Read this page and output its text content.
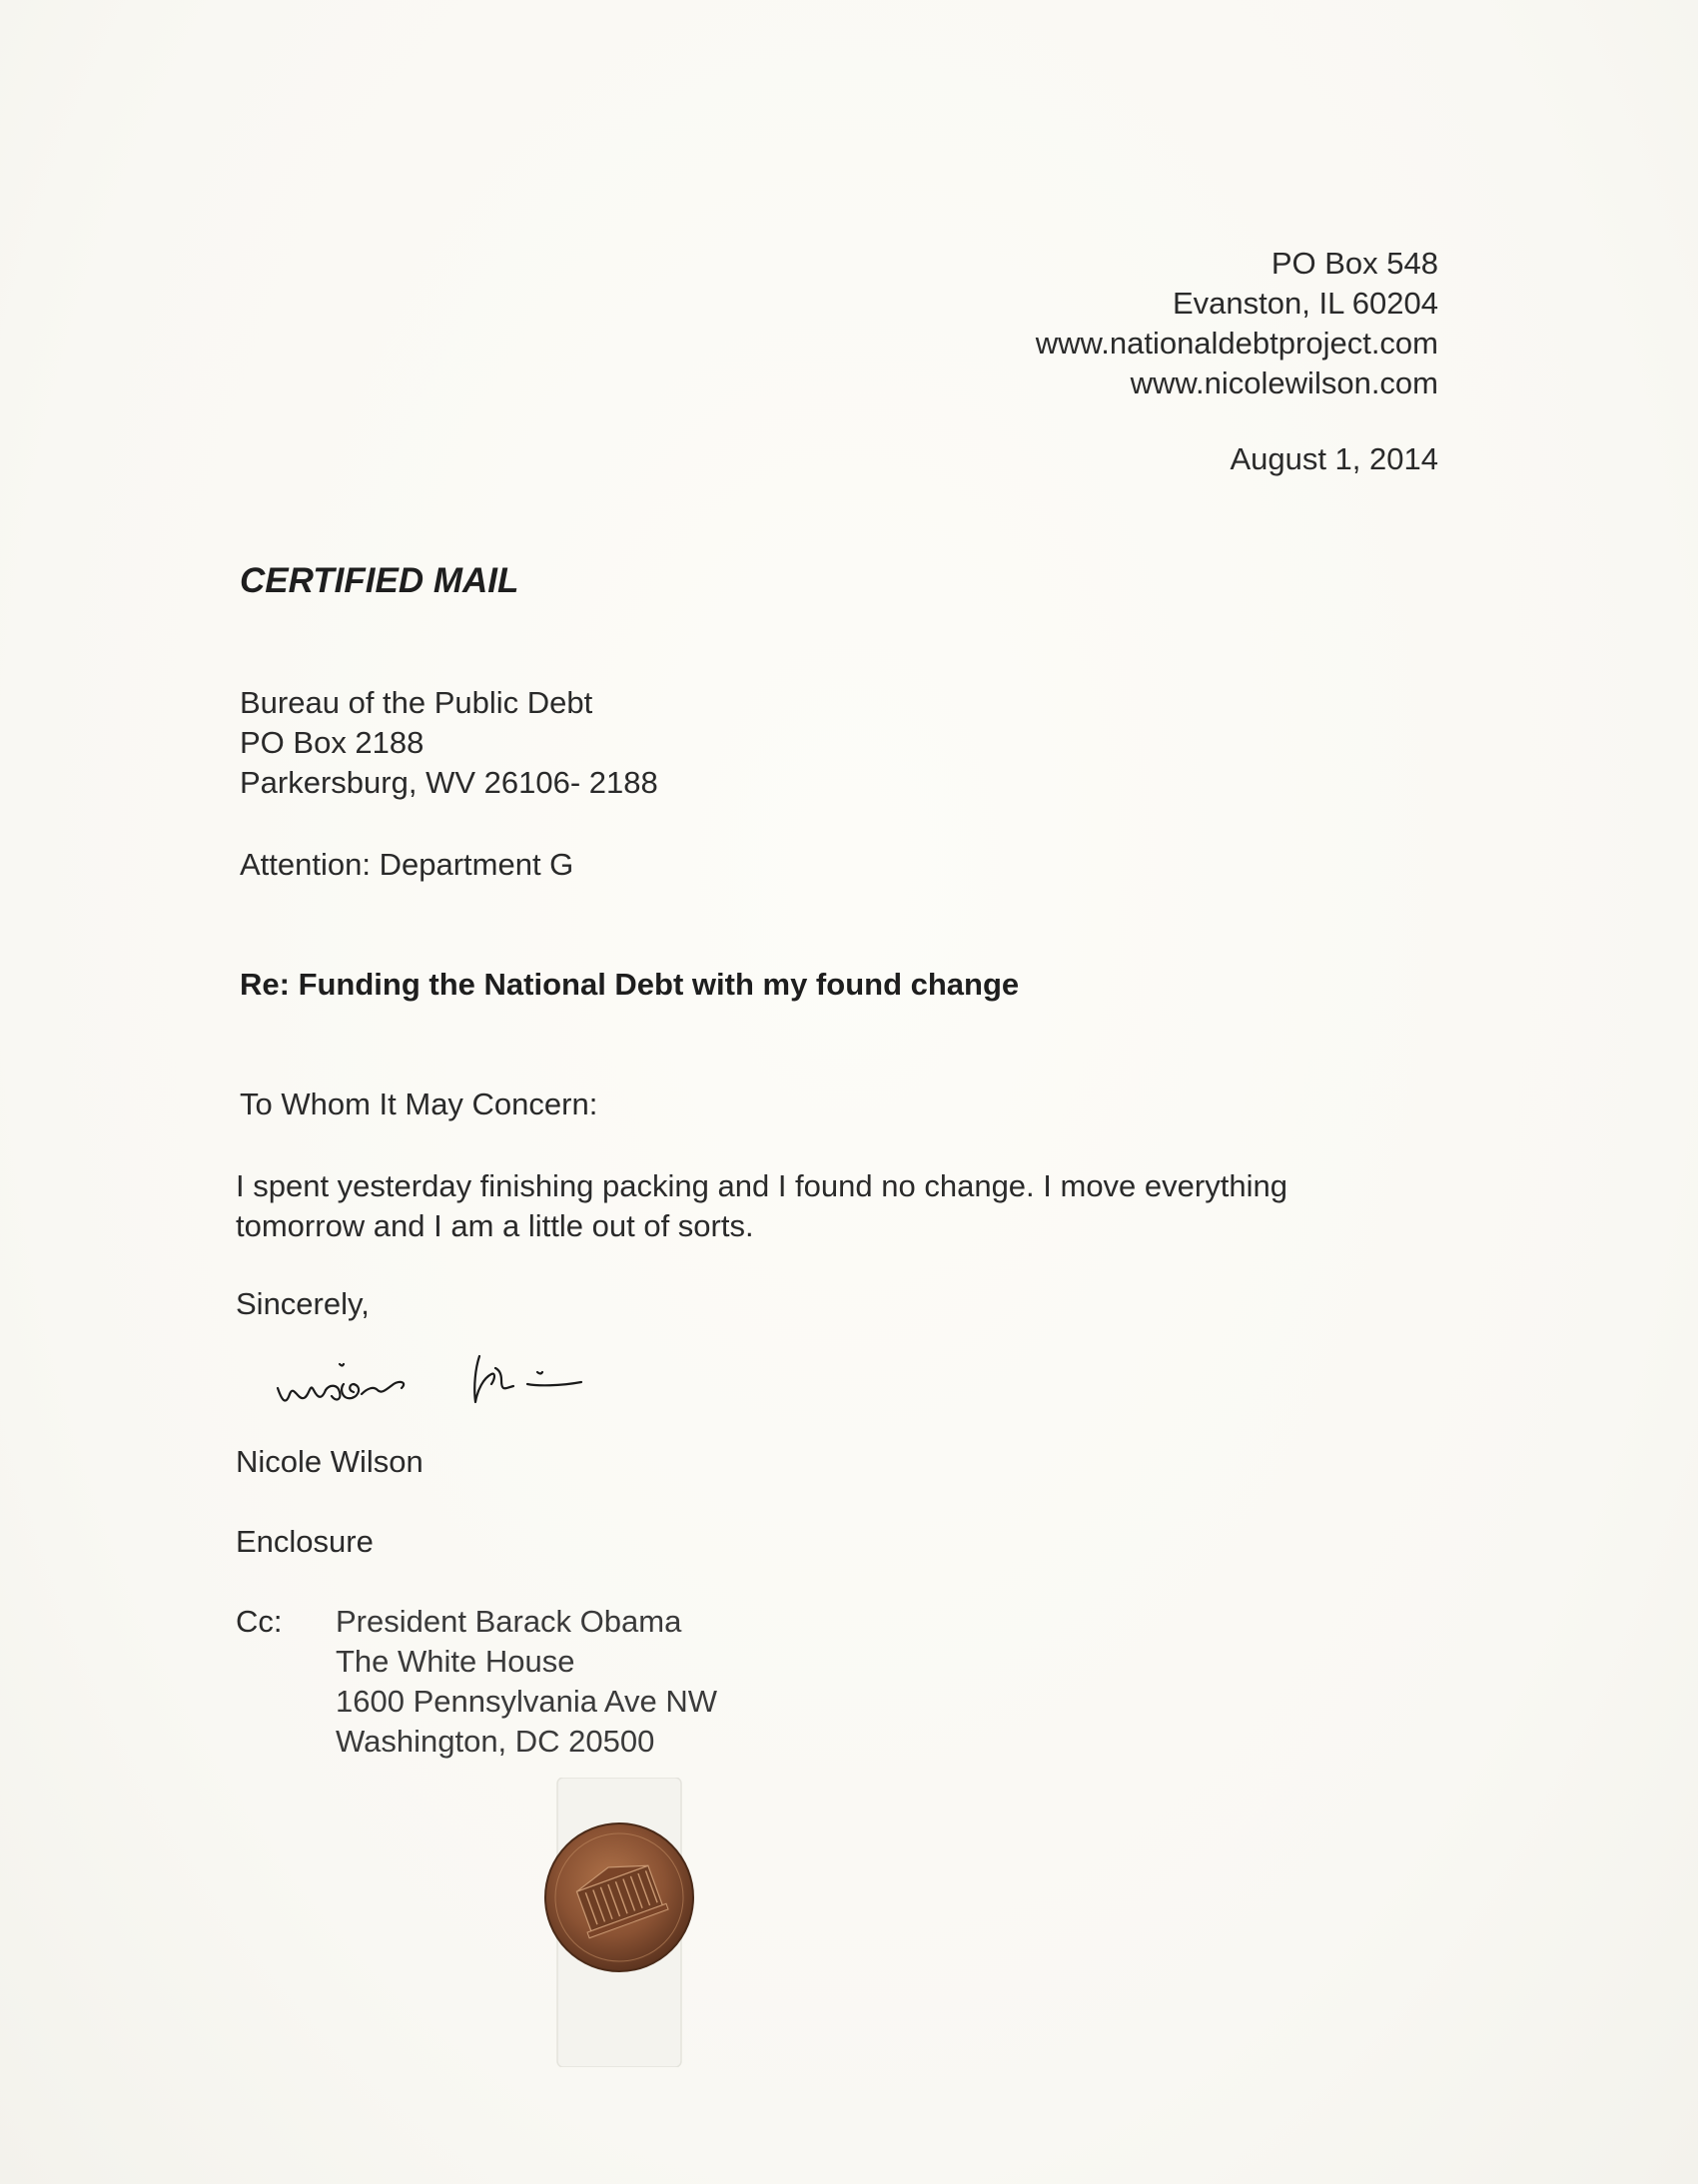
PO Box 548
Evanston, IL 60204
www.nationaldebtproject.com
www.nicolewilson.com
August 1, 2014
CERTIFIED MAIL
Bureau of the Public Debt
PO Box 2188
Parkersburg, WV 26106- 2188
Attention: Department G
Re: Funding the National Debt with my found change
To Whom It May Concern:
I spent yesterday finishing packing and I found no change. I move everything
tomorrow and I am a little out of sorts.
Sincerely,
Nicole Wilson
Enclosure
Cc: President Barack Obama
The White House
1600 Pennsylvania Ave NW
Washington, DC 20500
